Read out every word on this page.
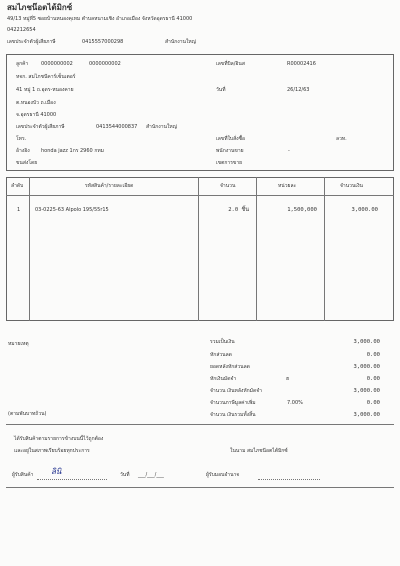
สมไภชน๊อตไต้มิกซ์
49/13 หมู่ที่5 ซอยบ้านหนองคุเหม ตำบลหนามเชิง อำเภอเมือง จังหวัดอุดรธานี 41000
042212654
เลขประจำตัวผู้เสียภาษี	0415557000298	สำนักงานใหญ่
ลูกค้า	0000000002	0000000002
หจก. สมไภชน๊คาร์เซ็นเตอร์
41 หมู่ 1 ถ.อุดร-หนองคาย
ต.หนองบัว ถ.เมือง
จ.อุดรธานี 41000
เลขประจำตัวผู้เสียภาษี	0413544000837 สำนักงานใหญ่
โทร.
อ้างอิง honda jazz 1กร 2960 กทม
ขนส่งโดย
เลขที่บิล/อินส	R00002416
วันที่	26/12/63
เลขที่ใบสั่งซื้อ	ลวท.
พนักงานขาย	-
เขตการขาย
ลำดับ	รหัสสินค้า/รายละเอียด	จำนวน	หน่วยละ	จำนวนเงิน
1	03-0225-63 Alpolo 195/55r15	2.0 ชิ้น	1,500,000	3,000.00
หมายเหตุ
(ตามพันบาทถ้วน)
รวมเป็นเงิน	3,000.00
หักส่วนลด	0.00
ยอดหลังหักส่วนลด	3,000.00
หักเงินมัดจำ	ฮ	0.00
จำนวน เงินหลังหักมัดจำ	3,000.00
จำนวนภาษีมูลค่าเพิ่ม	7.00%	0.00
จำนวน เงินรวมทั้งสิ้น	3,000.00
ได้รับสินค้าตามรายการข้างบนนี้ไว้ถูกต้อง
และอยู่ในสภาพเรียบร้อยทุกประการ	ในนาม สมไภชน๊อตไต้มิกซ์
ผู้รับสินค้า ลินิ	วันที่ ___/___/___	ผู้รับมอบอำนาจ
